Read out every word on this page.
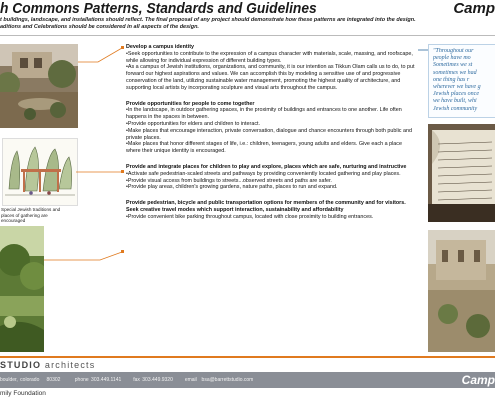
h Commons Patterns, Standards and Guidelines	Camp
t buildings, landscape, and installations should reflect. The final proposal of any project should demonstrate how these patterns are integrated into the design.
aditions and Celebrations should be considered in all aspects of the design.
Special Jewish traditions and places of gathering are encouraged
Develop a campus identity
•Seek opportunities to contribute to the expression of a campus character with materials, scale, massing, and roofscape, while allowing for individual expression of different building types.
•As a campus of Jewish institutions, organizations, and community, it is our intention as Tikkun Olam calls us to do, to put forward our highest aspirations and values. We can accomplish this by modeling a sensitive use of and progressive conservation of the land, utilizing sustainable water management, promoting the highest quality of architecture, and supporting local artists by incorporating sculpture and visual arts throughout the campus.
Provide opportunities for people to come together
•In the landscape, in outdoor gathering spaces, in the proximity of buildings and entrances to one another. Life often happens in the spaces in between.
•Provide opportunities for elders and children to interact.
•Make places that encourage interaction, private conversation, dialogue and chance encounters through both public and private places.
•Make places that honor different stages of life, i.e.: children, teenagers, young adults and elders. Give each a place where their unique identity is encouraged.
Provide and integrate places for children to play and explore, places which are safe, nurturing and instructive
•Activate safe pedestrian-scaled streets and pathways by providing conveniently located gathering and play places.
•Provide visual access from buildings to streets...observed streets and paths are safer.
•Provide play areas, children's growing gardens, nature paths, places to run and expand.
Provide pedestrian, bicycle and public transportation options for members of the community and for visitors. Seek creative travel modes which support interaction, sustainability and affordability
•Provide convenient bike parking throughout campus, located with close proximity to building entrances.
"Throughout our
people have mo
Sometimes we st
sometimes we had
one thing has r
wherever we have g
Jewish places once
we have built, whi
Jewish community
STUDIO architects
boulder, colorado   80302      phone 303.449.1141     fax 303.449.9320     email  bsa@barrettstudio.com	Camp
mily Foundation
